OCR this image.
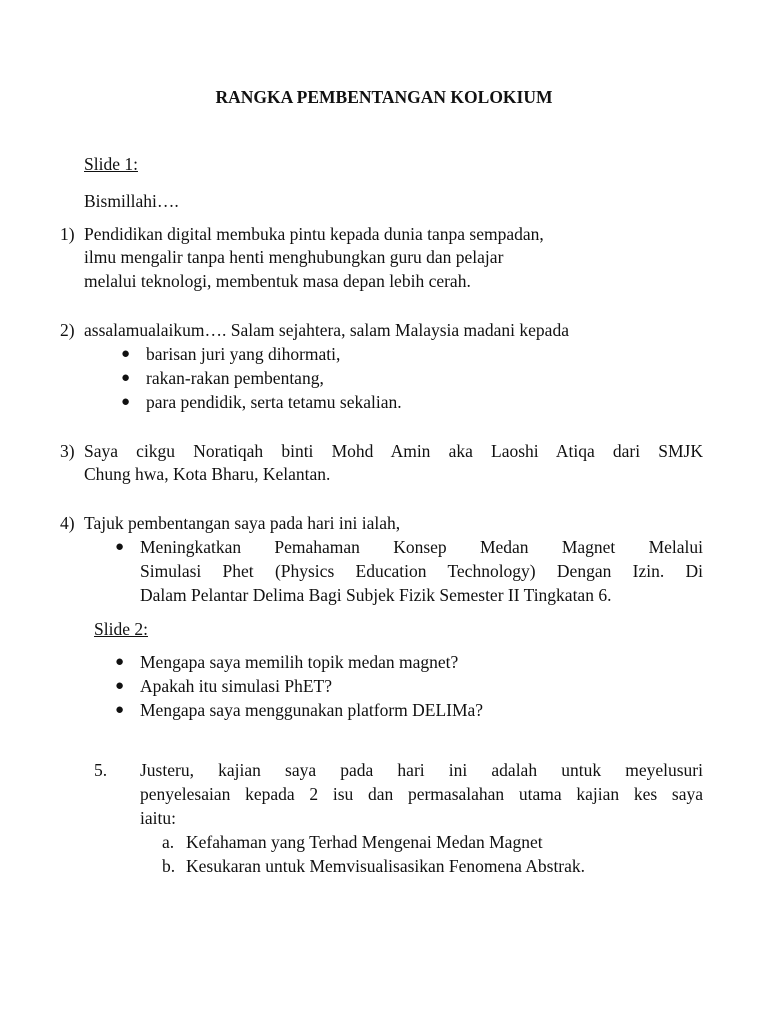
RANGKA PEMBENTANGAN KOLOKIUM
Slide 1:
Bismillahi….
1) Pendidikan digital membuka pintu kepada dunia tanpa sempadan,
ilmu mengalir tanpa henti menghubungkan guru dan pelajar
melalui teknologi, membentuk masa depan lebih cerah.
2) assalamualaikum…. Salam sejahtera, salam Malaysia madani kepada
● barisan juri yang dihormati,
● rakan-rakan pembentang,
● para pendidik, serta tetamu sekalian.
3) Saya cikgu Noratiqah binti Mohd Amin aka Laoshi Atiqa dari SMJK
Chung hwa, Kota Bharu, Kelantan.
4) Tajuk pembentangan saya pada hari ini ialah,
● Meningkatkan Pemahaman Konsep Medan Magnet Melalui
Simulasi Phet (Physics Education Technology) Dengan Izin. Di
Dalam Pelantar Delima Bagi Subjek Fizik Semester II Tingkatan 6.
Slide 2:
● Mengapa saya memilih topik medan magnet?
● Apakah itu simulasi PhET?
● Mengapa saya menggunakan platform DELIMa?
5. Justeru, kajian saya pada hari ini adalah untuk meyelusuri
penyelesaian kepada 2 isu dan permasalahan utama kajian kes saya
iaitu:
a. Kefahaman yang Terhad Mengenai Medan Magnet
b. Kesukaran untuk Memvisualisasikan Fenomena Abstrak.
